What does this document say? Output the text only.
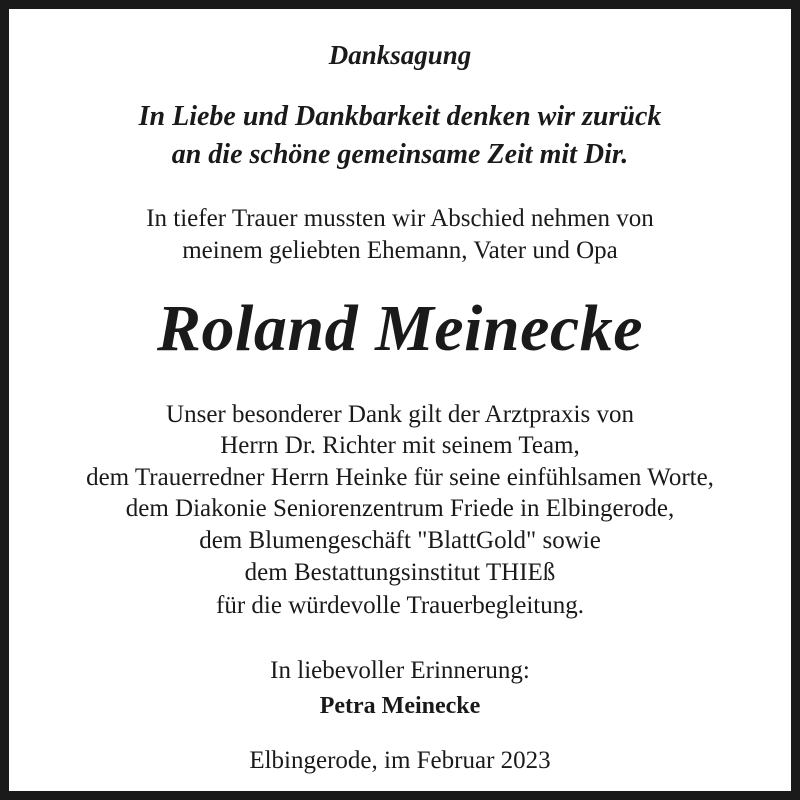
Danksagung
In Liebe und Dankbarkeit denken wir zurück
an die schöne gemeinsame Zeit mit Dir.
In tiefer Trauer mussten wir Abschied nehmen von
meinem geliebten Ehemann, Vater und Opa
Roland Meinecke
Unser besonderer Dank gilt der Arztpraxis von
Herrn Dr. Richter mit seinem Team,
dem Trauerredner Herrn Heinke für seine einfühlsamen Worte,
dem Diakonie Seniorenzentrum Friede in Elbingerode,
dem Blumengeschäft "BlattGold" sowie
dem Bestattungsinstitut THIEß
für die würdevolle Trauerbegleitung.
In liebevoller Erinnerung:
Petra Meinecke
Elbingerode, im Februar 2023
